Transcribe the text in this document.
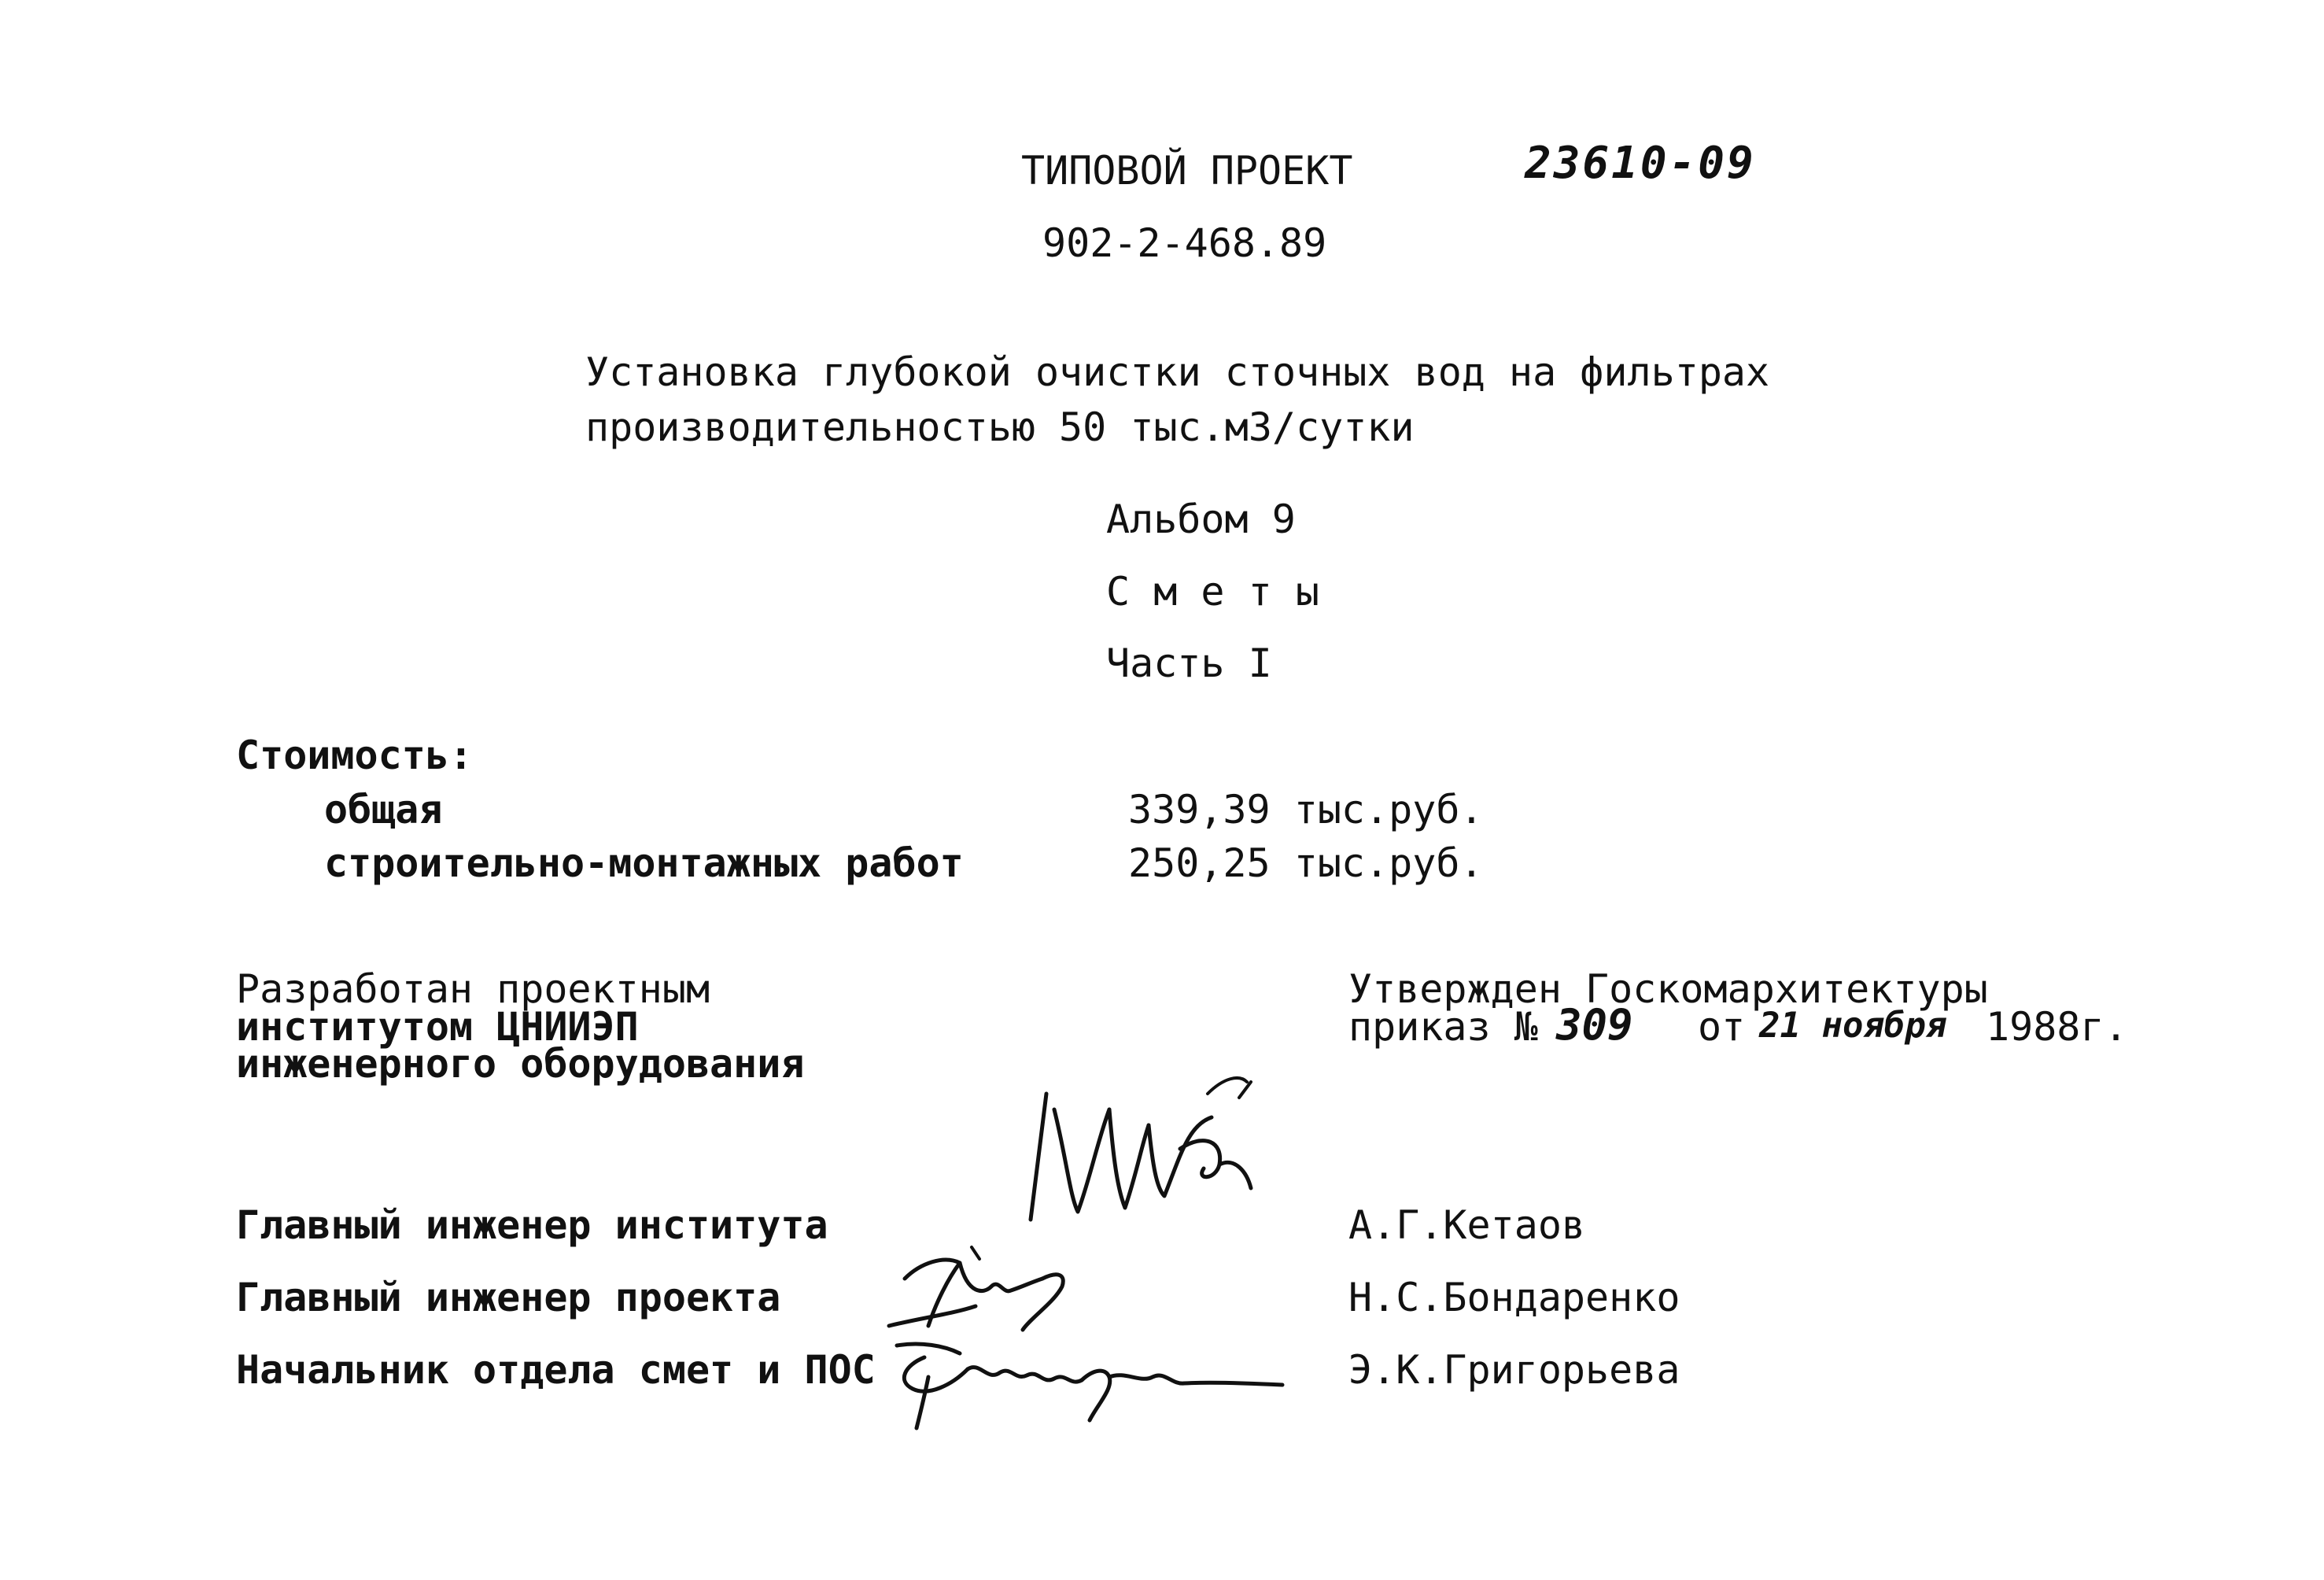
ТИПОВОЙ ПРОЕКТ	23610-09
902-2-468.89
Установка глубокой очистки сточных вод на фильтрах
производительностью 50 тыс.м3/сутки
Альбом 9
С м е т ы
Часть I
Стоимость:
общая	339,39 тыс.руб.
строительно-монтажных работ	250,25 тыс.руб.
Разработан проектным
институтом ЦНИИЭП
инженерного оборудования
Утвержден Госкомархитектуры
приказ № 309 от 21 ноября 1988г.
Главный инженер института	А.Г.Кетаов
Главный инженер проекта	Н.С.Бондаренко
Начальник отдела смет и ПОС	Э.К.Григорьева
